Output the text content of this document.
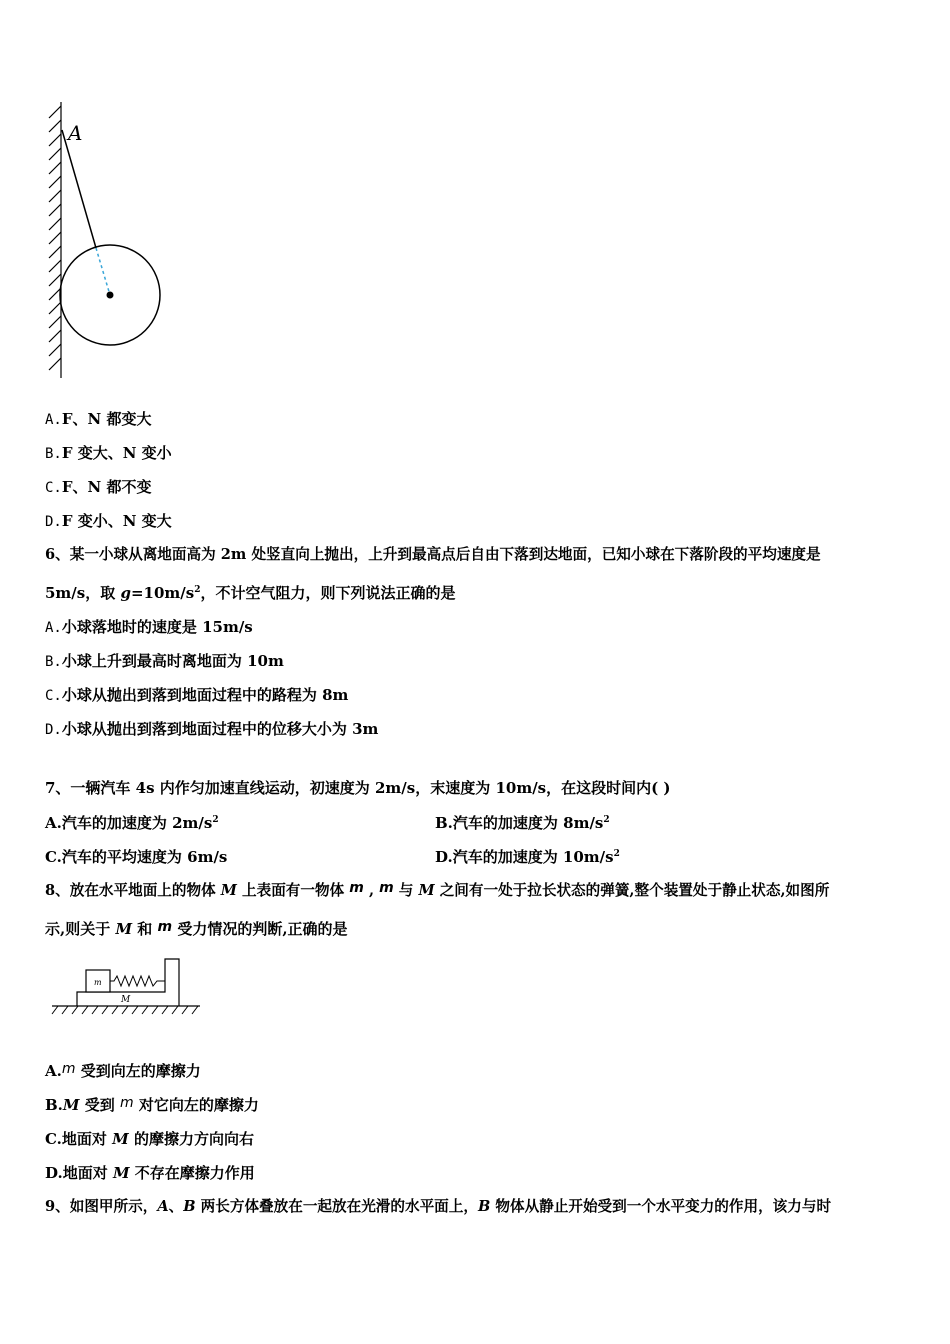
A
A.F、N 都变大
B.F 变大、N 变小
C.F、N 都不变
D.F 变小、N 变大
6、某一小球从离地面高为 2m 处竖直向上抛出，上升到最高点后自由下落到达地面，已知小球在下落阶段的平均速度是
5m/s，取 $g=10m/s^2$，不计空气阻力，则下列说法正确的是
A.小球落地时的速度是 15m/s
B.小球上升到最高时离地面为 10m
C.小球从抛出到落到地面过程中的路程为 8m
D.小球从抛出到落到地面过程中的位移大小为 3m
7、一辆汽车 4s 内作匀加速直线运动，初速度为 2m/s，末速度为 10m/s，在这段时间内( )
A.汽车的加速度为 $2m/s^2$	B.汽车的加速度为 $8m/s^2$
C.汽车的平均速度为 6m/s	D.汽车的加速度为 $10m/s^2$
8、放在水平地面上的物体 M 上表面有一物体 m , m 与 M 之间有一处于拉长状态的弹簧,整个装置处于静止状态,如图所
示,则关于 M 和 m 受力情况的判断,正确的是
m
M
A.m 受到向左的摩擦力
B.M 受到 m 对它向左的摩擦力
C.地面对 M 的摩擦力方向向右
D.地面对 M 不存在摩擦力作用
9、如图甲所示，A、B 两长方体叠放在一起放在光滑的水平面上，B 物体从静止开始受到一个水平变力的作用，该力与时
